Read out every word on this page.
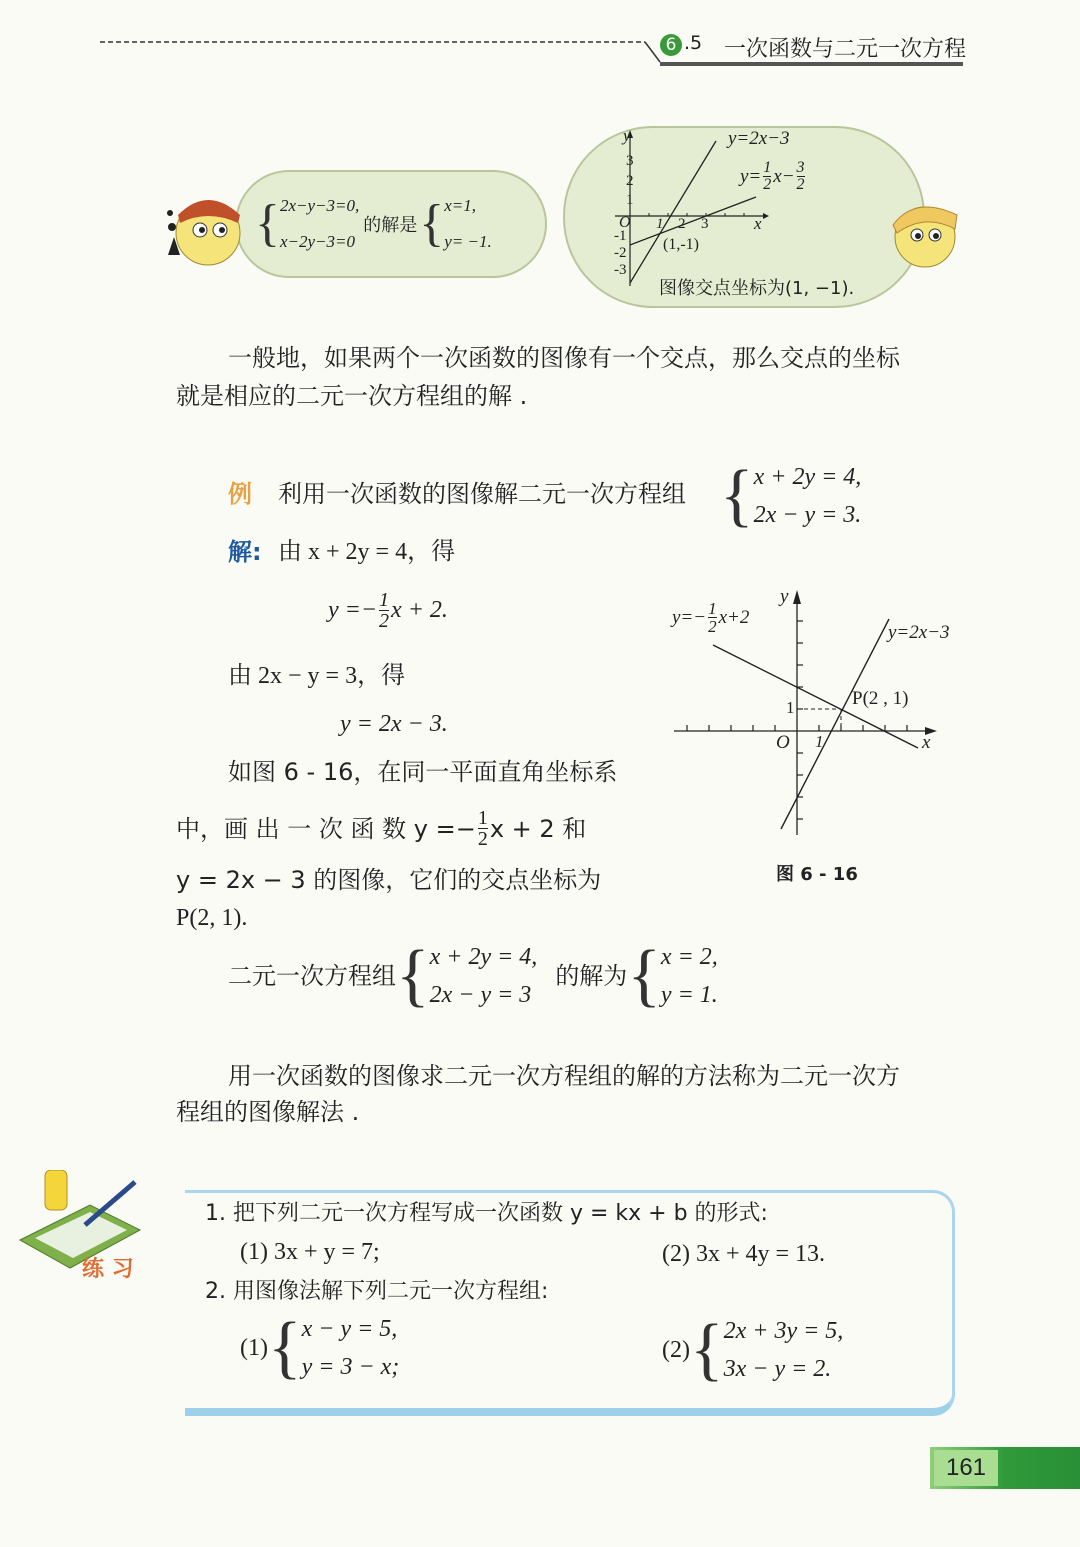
6 .5 一次函数与二元一次方程
{ 2x−y−3=0,
x−2y−3=0
的解是 { x=1,
y= −1.
y
3
2
1
-1
-2
-3
O 1 2 3	x
(1,-1)
y=2x−3
$y= \frac{1}{2} x- \frac{3}{2}$
图像交点坐标为(1, −1).
一般地，如果两个一次函数的图像有一个交点，那么交点的坐标
就是相应的二元一次方程组的解 .
例 利用一次函数的图像解二元一次方程组 { x + 2y = 4,
2x − y = 3.
解: 由 x + 2y = 4，得
$y =- \frac{1}{2}$ x + 2.
由 2x − y = 3，得
y = 2x − 3.
如图 6 - 16，在同一平面直角坐标系
中，画 出 一 次 函 数 $y =- \frac{1}{2}$ x + 2 和
y = 2x − 3 的图像，它们的交点坐标为
P(2, 1).
二元一次方程组 { x + 2y = 4,
2x − y = 3
的解为 { x = 2,
y = 1.
$y=- \frac{1}{2} x+2$
y=2x−3
P(2 , 1)
1
1
O	x
y
图 6 - 16
用一次函数的图像求二元一次方程组的解的方法称为二元一次方
程组的图像解法 .
练 习
1. 把下列二元一次方程写成一次函数 y = kx + b 的形式:
(1) 3x + y = 7;	(2) 3x + 4y = 13.
2. 用图像法解下列二元一次方程组:
(1) { x − y = 5,
y = 3 − x;
(2) { 2x + 3y = 5,
3x − y = 2.
161
